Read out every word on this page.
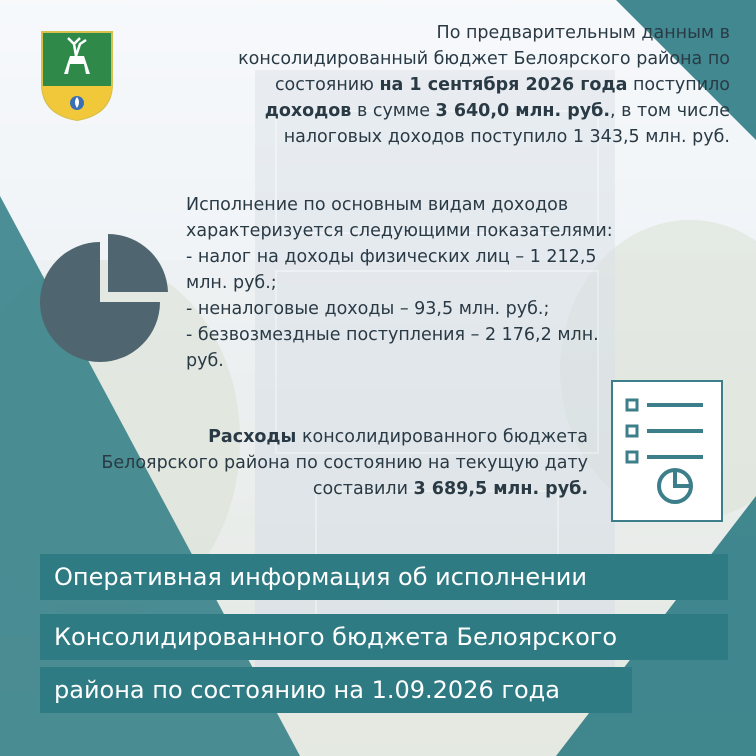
По предварительным данным в
консолидированный бюджет Белоярского района по
состоянию на 1 сентября 2026 года поступило
доходов в сумме 3 640,0 млн. руб., в том числе
налоговых доходов поступило 1 343,5 млн. руб.
Исполнение по основным видам доходов
характеризуется следующими показателями:
- налог на доходы физических лиц – 1 212,5
млн. руб.;
- неналоговые доходы – 93,5 млн. руб.;
- безвозмездные поступления – 2 176,2 млн.
руб.
Расходы консолидированного бюджета
Белоярского района по состоянию на текущую дату
составили 3 689,5 млн. руб.
Оперативная информация об исполнении
Консолидированного бюджета Белоярского
района по состоянию на 1.09.2026 года
